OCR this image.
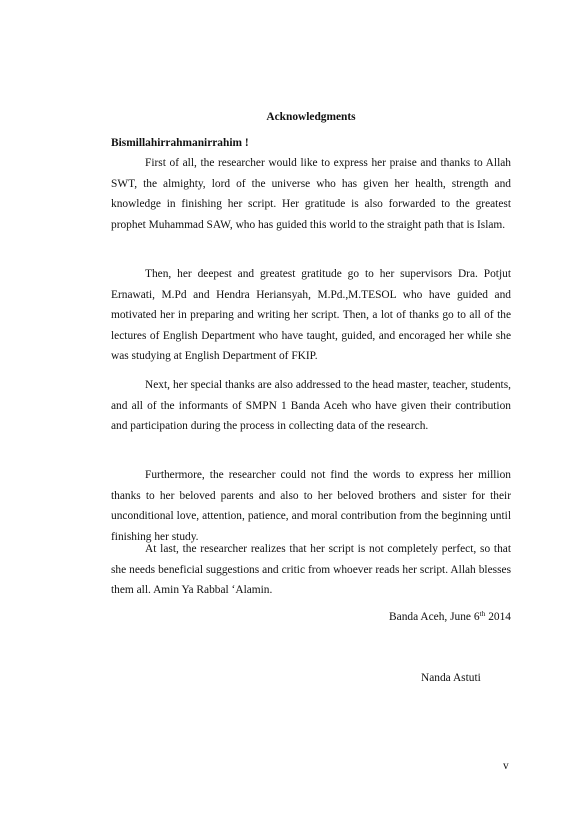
Acknowledgments
Bismillahirrahmanirrahim !

First of all, the researcher would like to express her praise and thanks to Allah SWT, the almighty, lord of the universe who has given her health, strength and knowledge in finishing her script. Her gratitude is also forwarded to the greatest prophet Muhammad SAW, who has guided this world to the straight path that is Islam.

Then, her deepest and greatest gratitude go to her supervisors Dra. Potjut Ernawati, M.Pd and Hendra Heriansyah, M.Pd.,M.TESOL who have guided and motivated her in preparing and writing her script. Then, a lot of thanks go to all of the lectures of English Department who have taught, guided, and encoraged her while she was studying at English Department of FKIP.

Next, her special thanks are also addressed to the head master, teacher, students, and all of the informants of SMPN 1 Banda Aceh who have given their contribution and participation during the process in collecting data of the research.

Furthermore, the researcher could not find the words to express her million thanks to her beloved parents and also to her beloved brothers and sister for their unconditional love, attention, patience, and moral contribution from the beginning until finishing her study.

At last, the researcher realizes that her script is not completely perfect, so that she needs beneficial suggestions and critic from whoever reads her script. Allah blesses them all. Amin Ya Rabbal ‘Alamin.

Banda Aceh, June 6th 2014
Nanda Astuti
v
